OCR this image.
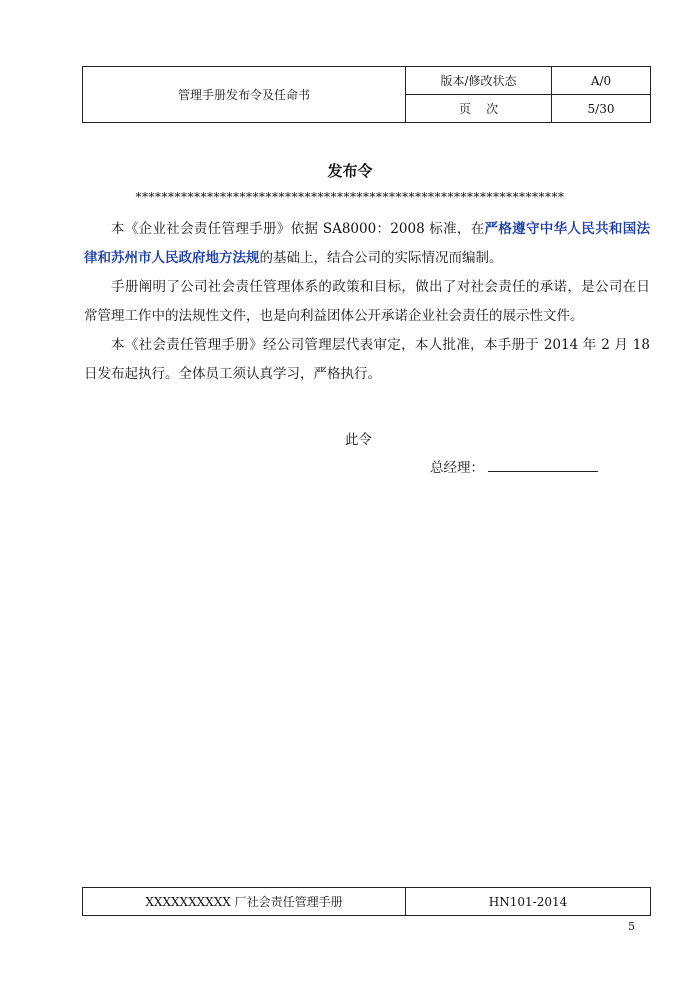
管理手册发布令及任命书	版本/修改状态	A/0
	页    次	5/30
发布令
******************************************************************

本《企业社会责任管理手册》依据 SA8000：2008 标准，在严格遵守中华人民共和国法律和苏州市人民政府地方法规的基础上，结合公司的实际情况而编制。

手册阐明了公司社会责任管理体系的政策和目标，做出了对社会责任的承诺，是公司在日常管理工作中的法规性文件，也是向利益团体公开承诺企业社会责任的展示性文件。

本《社会责任管理手册》经公司管理层代表审定，本人批准，本手册于 2014 年 2 月 18 日发布起执行。全体员工须认真学习，严格执行。

此令
总经理：
XXXXXXXXXX 厂社会责任管理手册	HN101-2014
5
